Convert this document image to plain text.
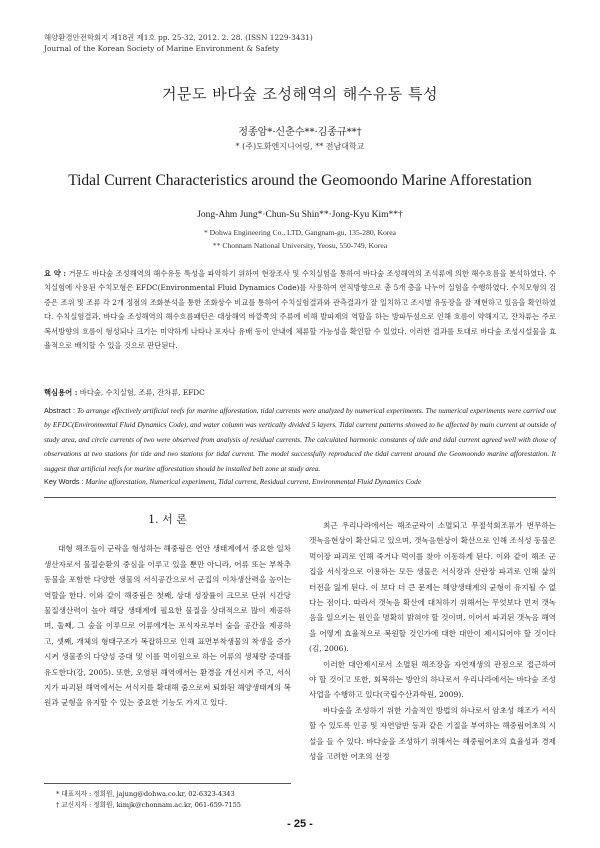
해양환경안전학회지 제18권 제1호 pp. 25-32, 2012. 2. 28. (ISSN 1229-3431)
Journal of the Korean Society of Marine Environment & Safety
거문도 바다숲 조성해역의 해수유동 특성
정종암*·신춘수**·김종규**†
* (주)도화엔지니어링, ** 전남대학교
Tidal Current Characteristics around the Geomoondo Marine Afforestation
Jong-Ahm Jung*·Chun-Su Shin**·Jong-Kyu Kim**†
* Dohwa Engineering Co., LTD, Gangnam-gu, 135-280, Korea
** Chonnam National University, Yeosu, 550-749, Korea
요 약 : 거문도 바다숲 조성해역의 해수유동 특성을 파악하기 위하여 현장조사 및 수치실험을 통하여 바다숲 조성해역의 조석류에 의한 해수흐름을 분석하였다. 수치실험에 사용된 수치모형은 EFDC(Environmental Fluid Dynamics Code)를 사용하여 연직방향으로 총 5개 층을 나누어 실험을 수행하였다. 수치모형의 검증은 조위 및 조류 각 2개 정점의 조화분석을 통한 조화상수 비교를 통하여 수치실험결과와 관측결과가 잘 일치하고 조시별 유동장을 잘 재현하고 있음을 확인하였다. 수치실험결과, 바다숲 조성해역의 해수흐름패턴은 대상해역 바깥쪽의 주류에 비해 발파제의 역할을 하는 방파두섬으로 인해 흐름이 약해지고, 잔차류는 주로 복서방향의 흐름이 형성되나 크기는 미약하게 나타나 포자나 유배 등이 안내에 체류할 가능성을 확인할 수 있었다. 이러한 결과를 토대로 바다숲 조성시설물을 효율적으로 배치할 수 있을 것으로 판단된다.
핵심용어 : 바다숲, 수치실험, 조류, 잔차류, EFDC
Abstract : To arrange effectively artificial reefs for marine afforestation, tidal currents were analyzed by numerical experiments. The numerical experiments were carried out by EFDC(Environmental Fluid Dynamics Code), and water column was vertically divided 5 layers. Tidal current patterns showed to be affected by main current at outside of study area, and circle currents of two were observed from analysis of residual currents. The calculated harmonic constants of tide and tidal current agreed well with those of observations at two stations for tide and two stations for tidal current. The model successfully reproduced the tidal current around the Geomoondo marine afforestation. It suggest that artificial reefs for marine afforestation should be installed belt zone at study area.
Key Words : Marine afforestation, Numerical experiment, Tidal current, Residual current, Environmental Fluid Dynamics Code
1. 서 론

대형 해조들이 군락을 형성하는 해중림은 연안 생태계에서 중요한 일차 생산자로서 물질순환의 중심을 이루고 있을 뿐만 아니라, 어류 또는 부착추동물을 포함한 다양한 생물의 서식공간으로서 군집의 이차생산력을 높이는 역할을 한다. 이와 같이 해중림은 첫째, 상대 성장률이 크므로 단위 시간당 물질생산력이 높아 해당 생태계에 필요한 물질을 상대적으로 많이 제공하며, 둘째, 그 숲을 이루므로 어류에게는 포식자로부터 숨을 공간을 제공하고, 셋째, 개체의 형태구조가 복잡하므로 인해 표면부착생물의 착생을 증가시켜 생물종의 다양성 증대 및 이를 먹이원으로 하는 어류의 생체량 증대를 유도한다(강, 2005). 또한, 오염된 해역에서는 환경을 개선시켜 주고, 서식지가 파괴된 해역에서는 서식지를 확대해 줌으로써 퇴화된 해양생태계의 복원과 균형을 유지할 수 있는 중요한 기능도 가지고 있다.

최근 우리나라에서는 해조군락이 소멸되고 무절석회조류가 번무하는 갯녹음현상이 확산되고 있으며, 갯녹음현상이 확산으로 인해 조식성 동물은 먹이장 파괴로 인해 죽거나 먹이를 찾아 이동하게 된다. 이와 같이 해조 군집을 서식장으로 이용하는 모든 생물은 서식장과 산란장 파괴로 인해 삶의 터전을 잃게 된다. 이 보다 더 큰 문제는 해양생태계의 균형이 유지될 수 없다는 점이다. 따라서 갯녹음 확산에 대처하기 위해서는 무엇보다 먼저 갯녹음을 일으키는 원인을 명확히 밝혀야 할 것이며, 이어서 파괴된 갯녹음 해역을 어떻게 효율적으로 복원할 것인가에 대한 대안이 제시되어야 할 것이다(김, 2006).

이러한 대안제시로서 소멸된 해조장을 자연재생의 관점으로 접근하여야 할 것이고 또한, 회복하는 방안의 하나로서 우리나라에서는 바다숲 조성사업을 수행하고 있다(국립수산과학원, 2009).

바다숲을 조성하기 위한 기술적인 방법의 하나로서 암초성 해조가 서식할 수 있도록 인공 및 자연암반 등과 같은 기질을 부여하는 해중림어초의 시설을 들 수 있다. 바다숲을 조성하기 위해서는 해중림어초의 효율성과 경제성을 고려한 어초의 선정

* 대표저자 : 정회원, jajung@dohwa.co.kr, 02-6323-4343
† 교신저자 : 정회원, kimjk@chonnam.ac.kr, 061-659-7155
- 25 -
